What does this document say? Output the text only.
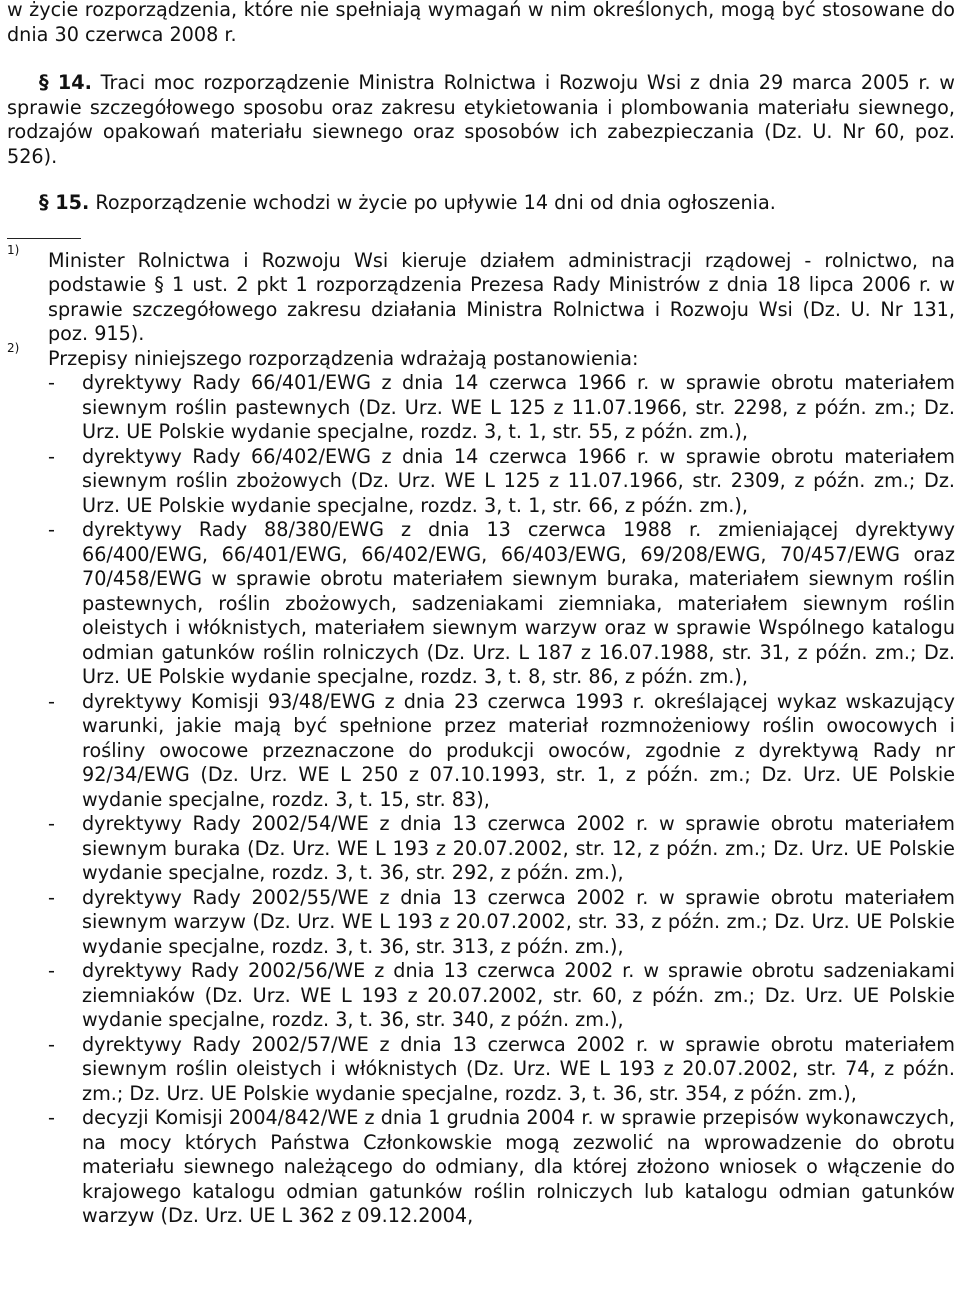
w życie rozporządzenia, które nie spełniają wymagań w nim określonych, mogą być stosowane do dnia 30 czerwca 2008 r.

§ 14. Traci moc rozporządzenie Ministra Rolnictwa i Rozwoju Wsi z dnia 29 marca 2005 r. w sprawie szczegółowego sposobu oraz zakresu etykietowania i plombowania materiału siewnego, rodzajów opakowań materiału siewnego oraz sposobów ich zabezpieczania (Dz. U. Nr 60, poz. 526).

§ 15. Rozporządzenie wchodzi w życie po upływie 14 dni od dnia ogłoszenia.

1) Minister Rolnictwa i Rozwoju Wsi kieruje działem administracji rządowej - rolnictwo, na podstawie § 1 ust. 2 pkt 1 rozporządzenia Prezesa Rady Ministrów z dnia 18 lipca 2006 r. w sprawie szczegółowego zakresu działania Ministra Rolnictwa i Rozwoju Wsi (Dz. U. Nr 131, poz. 915).
2) Przepisy niniejszego rozporządzenia wdrażają postanowienia:
- dyrektywy Rady 66/401/EWG z dnia 14 czerwca 1966 r. w sprawie obrotu materiałem siewnym roślin pastewnych (Dz. Urz. WE L 125 z 11.07.1966, str. 2298, z późn. zm.; Dz. Urz. UE Polskie wydanie specjalne, rozdz. 3, t. 1, str. 55, z późn. zm.),
- dyrektywy Rady 66/402/EWG z dnia 14 czerwca 1966 r. w sprawie obrotu materiałem siewnym roślin zbożowych (Dz. Urz. WE L 125 z 11.07.1966, str. 2309, z późn. zm.; Dz. Urz. UE Polskie wydanie specjalne, rozdz. 3, t. 1, str. 66, z późn. zm.),
- dyrektywy Rady 88/380/EWG z dnia 13 czerwca 1988 r. zmieniającej dyrektywy 66/400/EWG, 66/401/EWG, 66/402/EWG, 66/403/EWG, 69/208/EWG, 70/457/EWG oraz 70/458/EWG w sprawie obrotu materiałem siewnym buraka, materiałem siewnym roślin pastewnych, roślin zbożowych, sadzeniakami ziemniaka, materiałem siewnym roślin oleistych i włóknistych, materiałem siewnym warzyw oraz w sprawie Wspólnego katalogu odmian gatunków roślin rolniczych (Dz. Urz. L 187 z 16.07.1988, str. 31, z późn. zm.; Dz. Urz. UE Polskie wydanie specjalne, rozdz. 3, t. 8, str. 86, z późn. zm.),
- dyrektywy Komisji 93/48/EWG z dnia 23 czerwca 1993 r. określającej wykaz wskazujący warunki, jakie mają być spełnione przez materiał rozmnożeniowy roślin owocowych i rośliny owocowe przeznaczone do produkcji owoców, zgodnie z dyrektywą Rady nr 92/34/EWG (Dz. Urz. WE L 250 z 07.10.1993, str. 1, z późn. zm.; Dz. Urz. UE Polskie wydanie specjalne, rozdz. 3, t. 15, str. 83),
- dyrektywy Rady 2002/54/WE z dnia 13 czerwca 2002 r. w sprawie obrotu materiałem siewnym buraka (Dz. Urz. WE L 193 z 20.07.2002, str. 12, z późn. zm.; Dz. Urz. UE Polskie wydanie specjalne, rozdz. 3, t. 36, str. 292, z późn. zm.),
- dyrektywy Rady 2002/55/WE z dnia 13 czerwca 2002 r. w sprawie obrotu materiałem siewnym warzyw (Dz. Urz. WE L 193 z 20.07.2002, str. 33, z późn. zm.; Dz. Urz. UE Polskie wydanie specjalne, rozdz. 3, t. 36, str. 313, z późn. zm.),
- dyrektywy Rady 2002/56/WE z dnia 13 czerwca 2002 r. w sprawie obrotu sadzeniakami ziemniaków (Dz. Urz. WE L 193 z 20.07.2002, str. 60, z późn. zm.; Dz. Urz. UE Polskie wydanie specjalne, rozdz. 3, t. 36, str. 340, z późn. zm.),
- dyrektywy Rady 2002/57/WE z dnia 13 czerwca 2002 r. w sprawie obrotu materiałem siewnym roślin oleistych i włóknistych (Dz. Urz. WE L 193 z 20.07.2002, str. 74, z późn. zm.; Dz. Urz. UE Polskie wydanie specjalne, rozdz. 3, t. 36, str. 354, z późn. zm.),
- decyzji Komisji 2004/842/WE z dnia 1 grudnia 2004 r. w sprawie przepisów wykonawczych, na mocy których Państwa Członkowskie mogą zezwolić na wprowadzenie do obrotu materiału siewnego należącego do odmiany, dla której złożono wniosek o włączenie do krajowego katalogu odmian gatunków roślin rolniczych lub katalogu odmian gatunków warzyw (Dz. Urz. UE L 362 z 09.12.2004,
